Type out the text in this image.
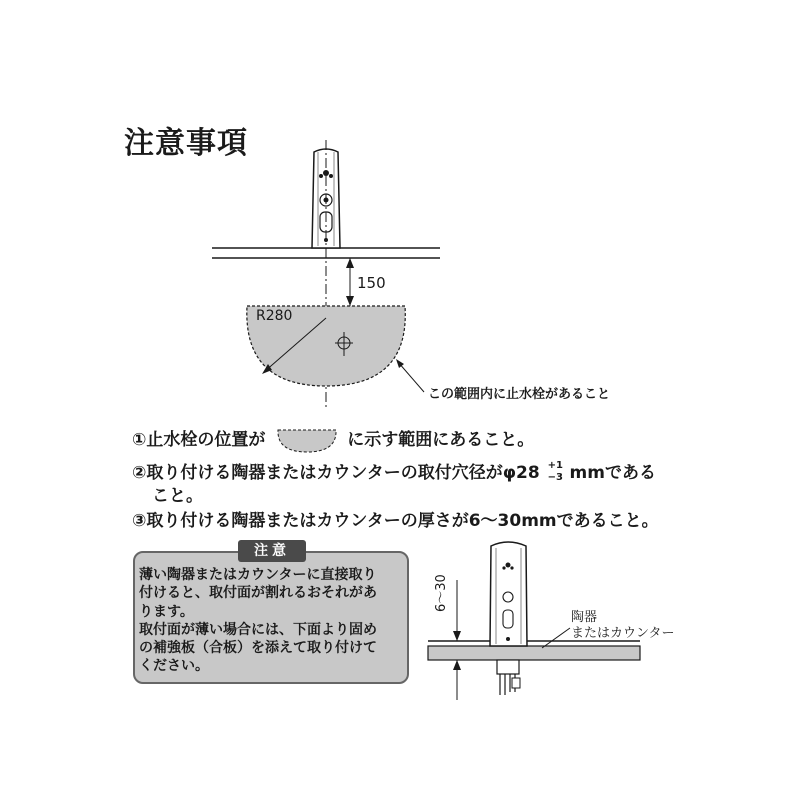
注意事項
150
R280
この範囲内に止水栓があること
①止水栓の位置が	に示す範囲にあること。
②取り付ける陶器またはカウンターの取付穴径がφ28 +1
−3 mmである
こと。
③取り付ける陶器またはカウンターの厚さが6〜30mmであること。
注意
薄い陶器またはカウンターに直接取り
付けると、取付面が割れるおそれがあ
ります。
取付面が薄い場合には、下面より固め
の補強板（合板）を添えて取り付けて
ください。
6〜30
陶器
またはカウンター
